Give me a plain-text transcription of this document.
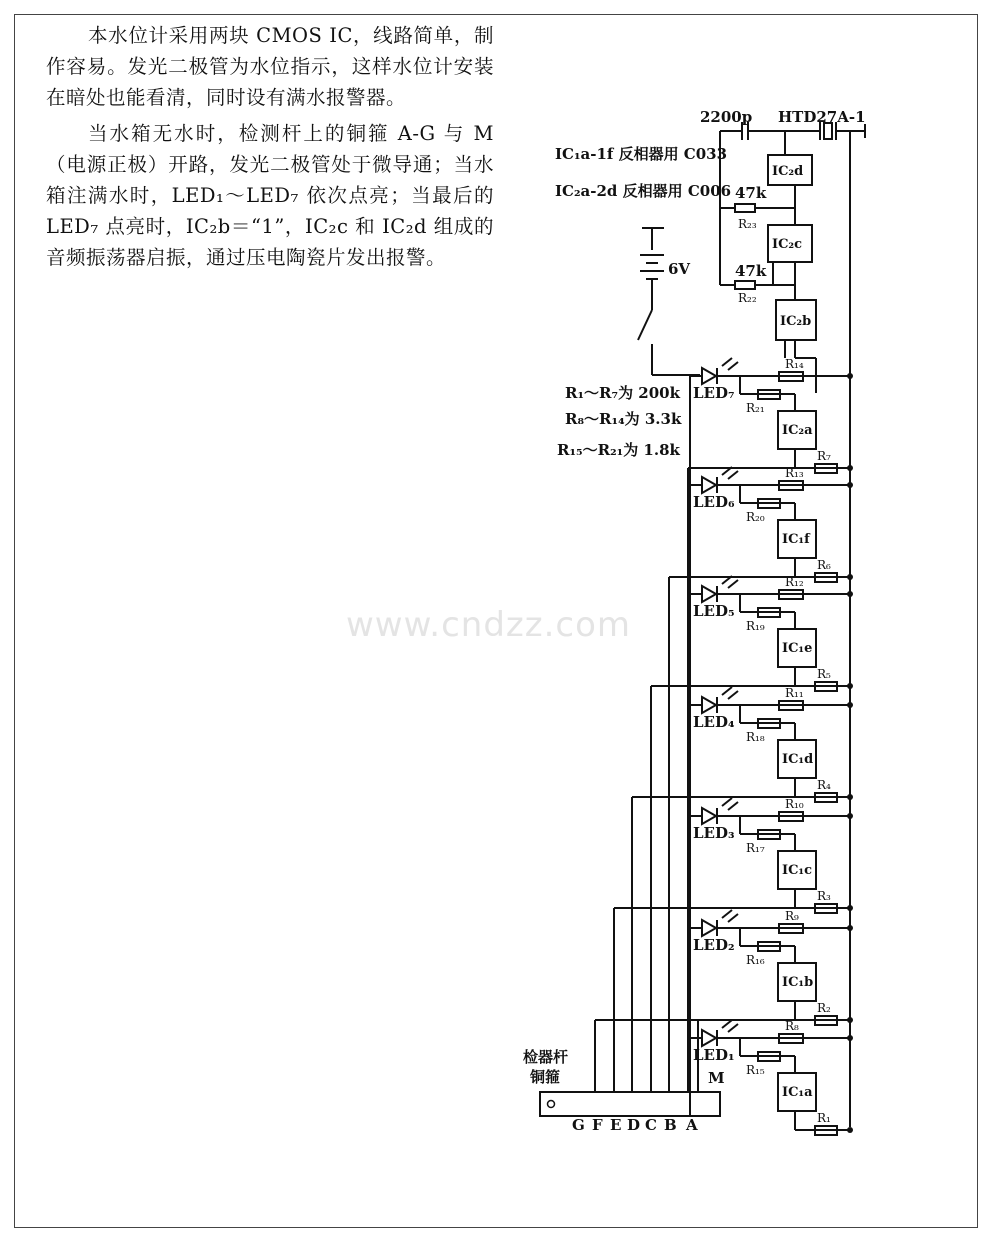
本水位计采用两块 CMOS IC，线路简单，制作容易。发光二极管为水位指示，这样水位计安装在暗处也能看清，同时设有满水报警器。

当水箱无水时，检测杆上的铜箍 A-G 与 M（电源正极）开路，发光二极管处于微导通；当水箱注满水时，LED₁～LED₇ 依次点亮；当最后的 LED₇ 点亮时，IC₂b＝“1”，IC₂c 和 IC₂d 组成的音频振荡器启振，通过压电陶瓷片发出报警。

www.cndzz.com
IC₂d
IC₂c
IC₂b
2200p HTD27A-1
IC₁a-1f 反相器用 C033
IC₂a-2d 反相器用 C006 47k
R₂₃
47k
R₂₂
6V
R₁～R₇为 200k
R₈～R₁₄为 3.3k
R₁₅～R₂₁为 1.8k
R₁₄
R₂₁
IC₂a
R₇
LED₇
R₁₃
R₂₀
IC₁f
R₆
LED₆
R₁₂
R₁₉
IC₁e
R₅
LED₅
R₁₁
R₁₈
IC₁d
R₄
LED₄
R₁₀
R₁₇
IC₁c
R₃
LED₃
R₉
R₁₆
IC₁b
R₂
LED₂
R₈
R₁₅
IC₁a
R₁
LED₁
G F E D C B A
检器杆
铜箍	M
